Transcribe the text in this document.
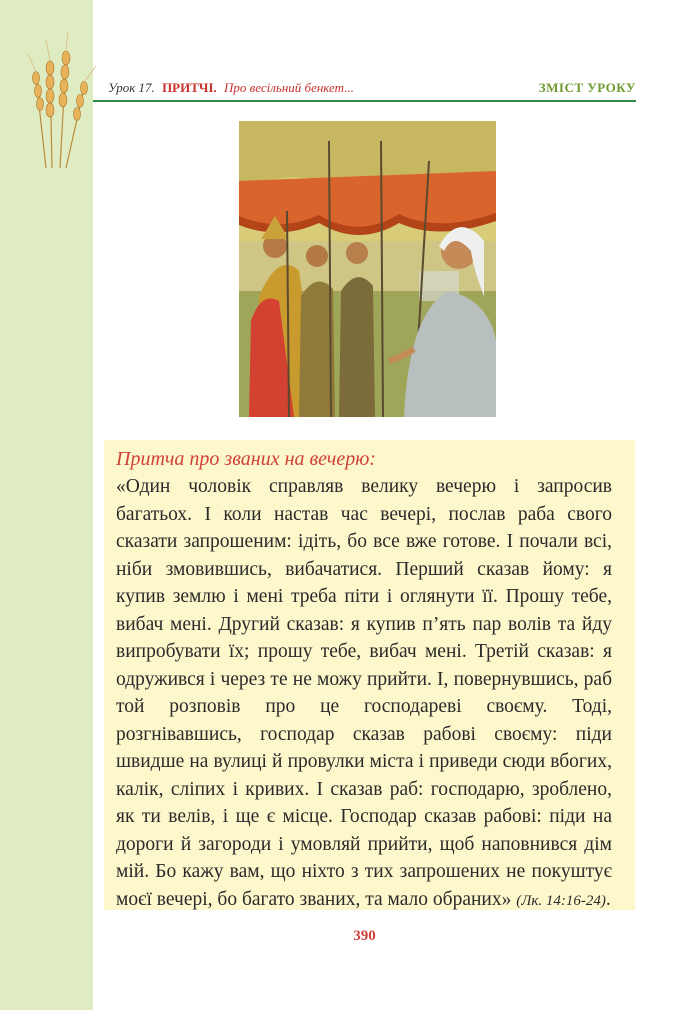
Урок 17. ПРИТЧІ. Про весільний бенкет...	ЗМІСТ УРОКУ
Притча про званих на вечерю:
«Один чоловік справляв велику вечерю і запросив багатьох. І коли настав час вечері, послав раба свого сказати запрошеним: ідіть, бо все вже готове. І почали всі, ніби змовившись, вибачатися. Перший сказав йому: я купив землю і мені треба піти і оглянути її. Прошу тебе, вибач мені. Другий сказав: я купив п’ять пар волів та йду випробувати їх; прошу тебе, вибач мені. Третій сказав: я одружився і через те не можу прийти. І, повернувшись, раб той розповів про це господареві своєму. Тоді, розгнівавшись, господар сказав рабові своєму: піди швидше на вулиці й провулки міста і приведи сюди вбогих, калік, сліпих і кривих. І сказав раб: господарю, зроблено, як ти велів, і ще є місце. Господар сказав рабові: піди на дороги й загороди і умовляй прийти, щоб наповнився дім мій. Бо кажу вам, що ніхто з тих запрошених не покуштує моєї вечері, бо багато званих, та мало обраних» (Лк. 14:16-24).
390
